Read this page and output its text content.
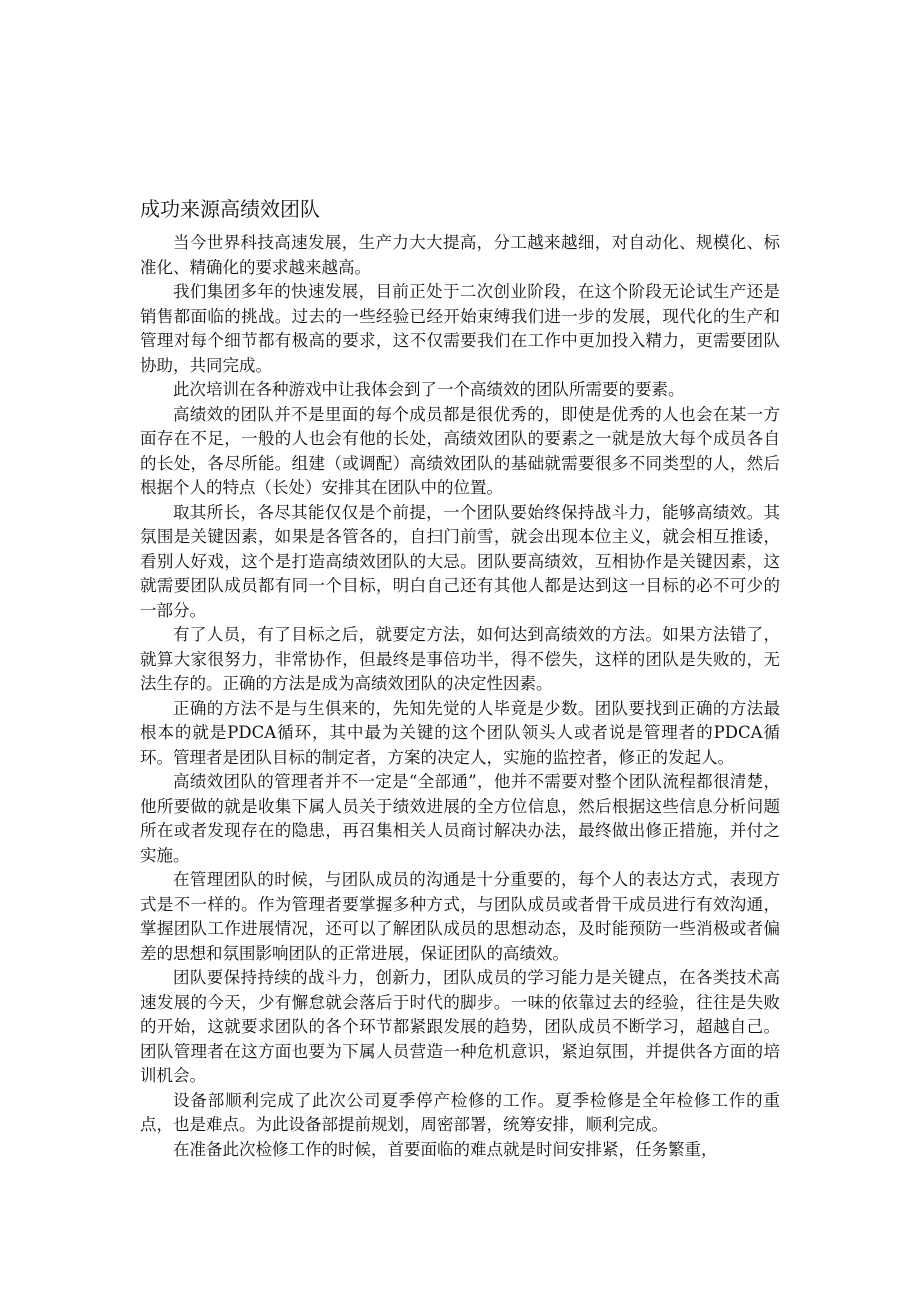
成功来源高绩效团队

当今世界科技高速发展，生产力大大提高，分工越来越细，对自动化、规模化、标准化、精确化的要求越来越高。

我们集团多年的快速发展，目前正处于二次创业阶段，在这个阶段无论试生产还是销售都面临的挑战。过去的一些经验已经开始束缚我们进一步的发展，现代化的生产和管理对每个细节都有极高的要求，这不仅需要我们在工作中更加投入精力，更需要团队协助，共同完成。

此次培训在各种游戏中让我体会到了一个高绩效的团队所需要的要素。

高绩效的团队并不是里面的每个成员都是很优秀的，即使是优秀的人也会在某一方面存在不足，一般的人也会有他的长处，高绩效团队的要素之一就是放大每个成员各自的长处，各尽所能。组建（或调配）高绩效团队的基础就需要很多不同类型的人，然后根据个人的特点（长处）安排其在团队中的位置。

取其所长，各尽其能仅仅是个前提，一个团队要始终保持战斗力，能够高绩效。其氛围是关键因素，如果是各管各的，自扫门前雪，就会出现本位主义，就会相互推诿，看别人好戏，这个是打造高绩效团队的大忌。团队要高绩效，互相协作是关键因素，这就需要团队成员都有同一个目标，明白自己还有其他人都是达到这一目标的必不可少的一部分。

有了人员，有了目标之后，就要定方法，如何达到高绩效的方法。如果方法错了，就算大家很努力，非常协作，但最终是事倍功半，得不偿失，这样的团队是失败的，无法生存的。正确的方法是成为高绩效团队的决定性因素。

正确的方法不是与生俱来的，先知先觉的人毕竟是少数。团队要找到正确的方法最根本的就是PDCA循环，其中最为关键的这个团队领头人或者说是管理者的PDCA循环。管理者是团队目标的制定者，方案的决定人，实施的监控者，修正的发起人。

高绩效团队的管理者并不一定是“全部通”，他并不需要对整个团队流程都很清楚，他所要做的就是收集下属人员关于绩效进展的全方位信息，然后根据这些信息分析问题所在或者发现存在的隐患，再召集相关人员商讨解决办法，最终做出修正措施，并付之实施。

在管理团队的时候，与团队成员的沟通是十分重要的，每个人的表达方式，表现方式是不一样的。作为管理者要掌握多种方式，与团队成员或者骨干成员进行有效沟通，掌握团队工作进展情况，还可以了解团队成员的思想动态，及时能预防一些消极或者偏差的思想和氛围影响团队的正常进展，保证团队的高绩效。

团队要保持持续的战斗力，创新力，团队成员的学习能力是关键点，在各类技术高速发展的今天，少有懈怠就会落后于时代的脚步。一味的依靠过去的经验，往往是失败的开始，这就要求团队的各个环节都紧跟发展的趋势，团队成员不断学习，超越自己。团队管理者在这方面也要为下属人员营造一种危机意识，紧迫氛围，并提供各方面的培训机会。

设备部顺利完成了此次公司夏季停产检修的工作。夏季检修是全年检修工作的重点，也是难点。为此设备部提前规划，周密部署，统筹安排，顺利完成。

在准备此次检修工作的时候，首要面临的难点就是时间安排紧，任务繁重，
